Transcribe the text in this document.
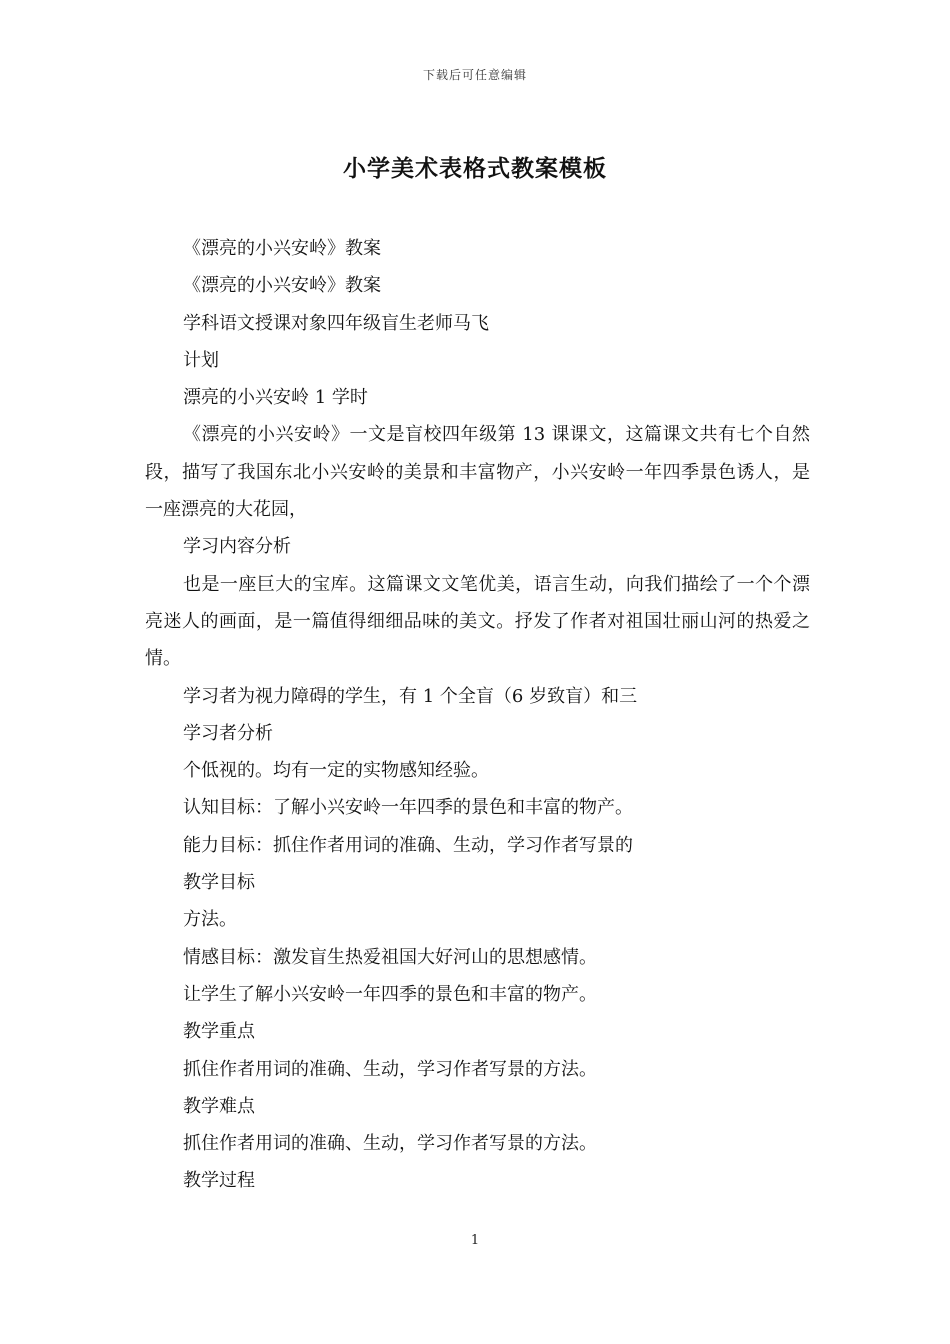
下载后可任意编辑
小学美术表格式教案模板

《漂亮的小兴安岭》教案

《漂亮的小兴安岭》教案

学科语文授课对象四年级盲生老师马飞

计划

漂亮的小兴安岭 1 学时

《漂亮的小兴安岭》一文是盲校四年级第 13 课课文，这篇课文共有七个自然段，描写了我国东北小兴安岭的美景和丰富物产，小兴安岭一年四季景色诱人，是一座漂亮的大花园，

学习内容分析

也是一座巨大的宝库。这篇课文文笔优美，语言生动，向我们描绘了一个个漂亮迷人的画面，是一篇值得细细品味的美文。抒发了作者对祖国壮丽山河的热爱之情。

学习者为视力障碍的学生，有 1 个全盲（6 岁致盲）和三

学习者分析

个低视的。均有一定的实物感知经验。

认知目标：了解小兴安岭一年四季的景色和丰富的物产。

能力目标：抓住作者用词的准确、生动，学习作者写景的

教学目标

方法。

情感目标：激发盲生热爱祖国大好河山的思想感情。

让学生了解小兴安岭一年四季的景色和丰富的物产。

教学重点

抓住作者用词的准确、生动，学习作者写景的方法。

教学难点

抓住作者用词的准确、生动，学习作者写景的方法。

教学过程

1
